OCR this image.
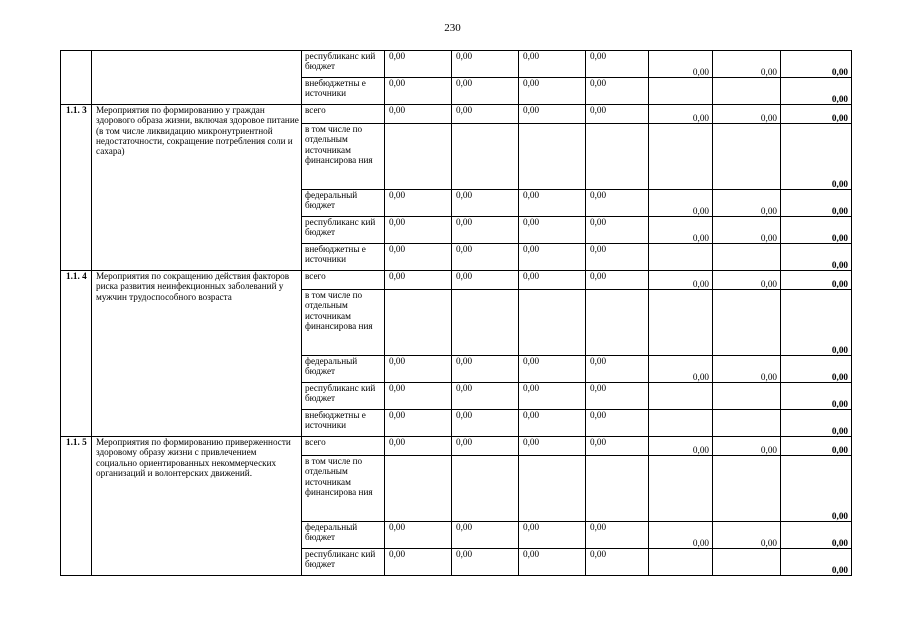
230
		республиканс кий бюджет	0,00	0,00	0,00	0,00	0,00	0,00	0,00
		внебюджетны е источники	0,00	0,00	0,00	0,00			0,00
1.1. 3	Мероприятия по формированию у граждан здорового образа жизни, включая здоровое питание (в том числе ликвидацию микронутриентной недостаточности, сокращение потребления соли и сахара)	всего	0,00	0,00	0,00	0,00	0,00	0,00	0,00
		в том числе по отдельным источникам финансирова ния							0,00
		федеральный бюджет	0,00	0,00	0,00	0,00	0,00	0,00	0,00
		республиканс кий бюджет	0,00	0,00	0,00	0,00	0,00	0,00	0,00
		внебюджетны е источники	0,00	0,00	0,00	0,00			0,00
1.1. 4	Мероприятия по сокращению действия факторов риска развития неинфекционных заболеваний у мужчин трудоспособного возраста	всего	0,00	0,00	0,00	0,00	0,00	0,00	0,00
		в том числе по отдельным источникам финансирова ния							0,00
		федеральный бюджет	0,00	0,00	0,00	0,00	0,00	0,00	0,00
		республиканс кий бюджет	0,00	0,00	0,00	0,00			0,00
		внебюджетны е источники	0,00	0,00	0,00	0,00			0,00
1.1. 5	Мероприятия по формированию приверженности здоровому образу жизни с привлечением социально ориентированных некоммерческих организаций и волонтерских движений.	всего	0,00	0,00	0,00	0,00	0,00	0,00	0,00
		в том числе по отдельным источникам финансирова ния							0,00
		федеральный бюджет	0,00	0,00	0,00	0,00	0,00	0,00	0,00
		республиканс кий бюджет	0,00	0,00	0,00	0,00			0,00
